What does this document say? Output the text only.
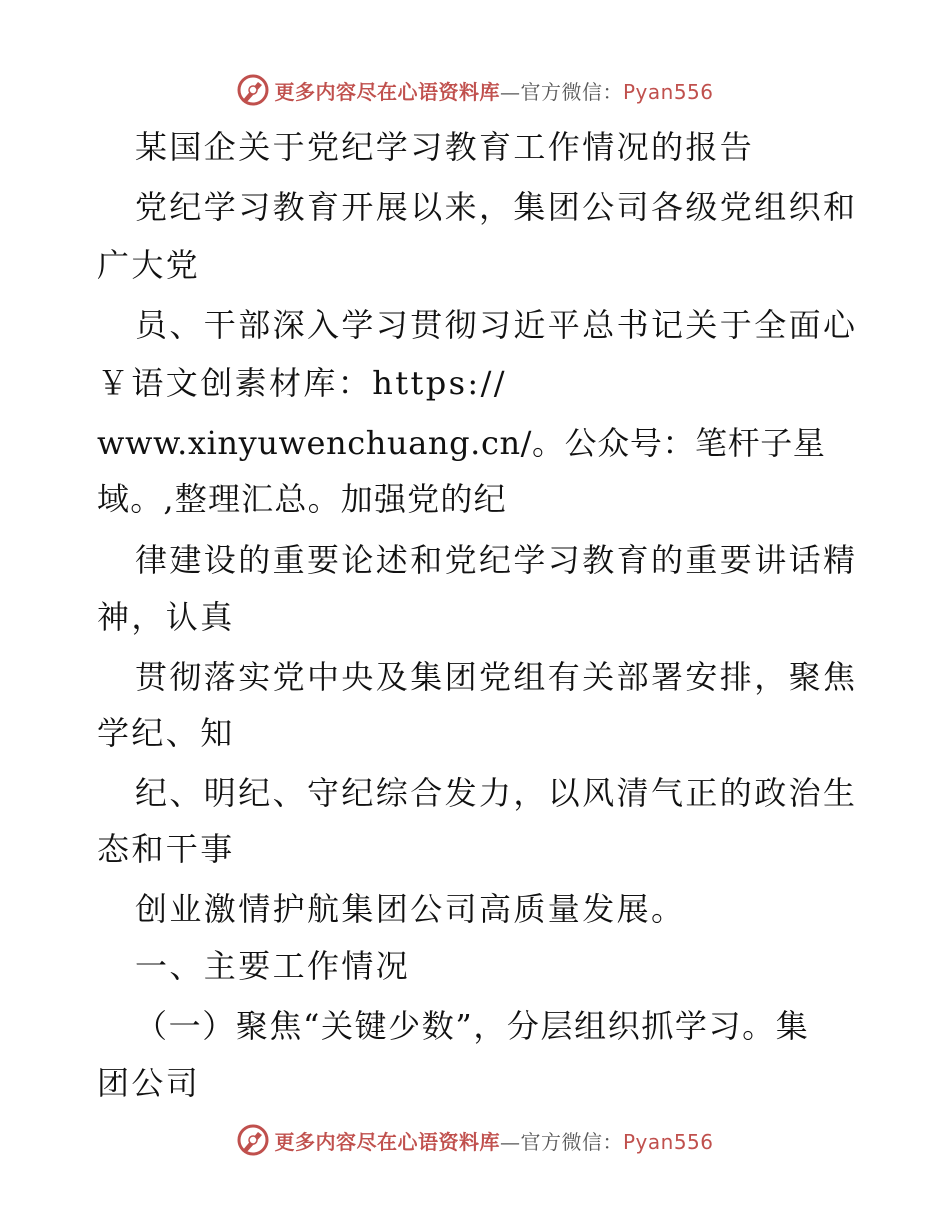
更多内容尽在心语资料库—官方微信：Pyan556
某国企关于党纪学习教育工作情况的报告
党纪学习教育开展以来，集团公司各级党组织和
广大党
员、干部深入学习贯彻习近平总书记关于全面心
￥语文创素材库：https://
www.xinyuwenchuang.cn/。公众号：笔杆子星
域。,整理汇总。加强党的纪
律建设的重要论述和党纪学习教育的重要讲话精
神，认真
贯彻落实党中央及集团党组有关部署安排，聚焦
学纪、知
纪、明纪、守纪综合发力，以风清气正的政治生
态和干事
创业激情护航集团公司高质量发展。
一、主要工作情况
（一）聚焦“关键少数”，分层组织抓学习。集
团公司
更多内容尽在心语资料库—官方微信：Pyan556
